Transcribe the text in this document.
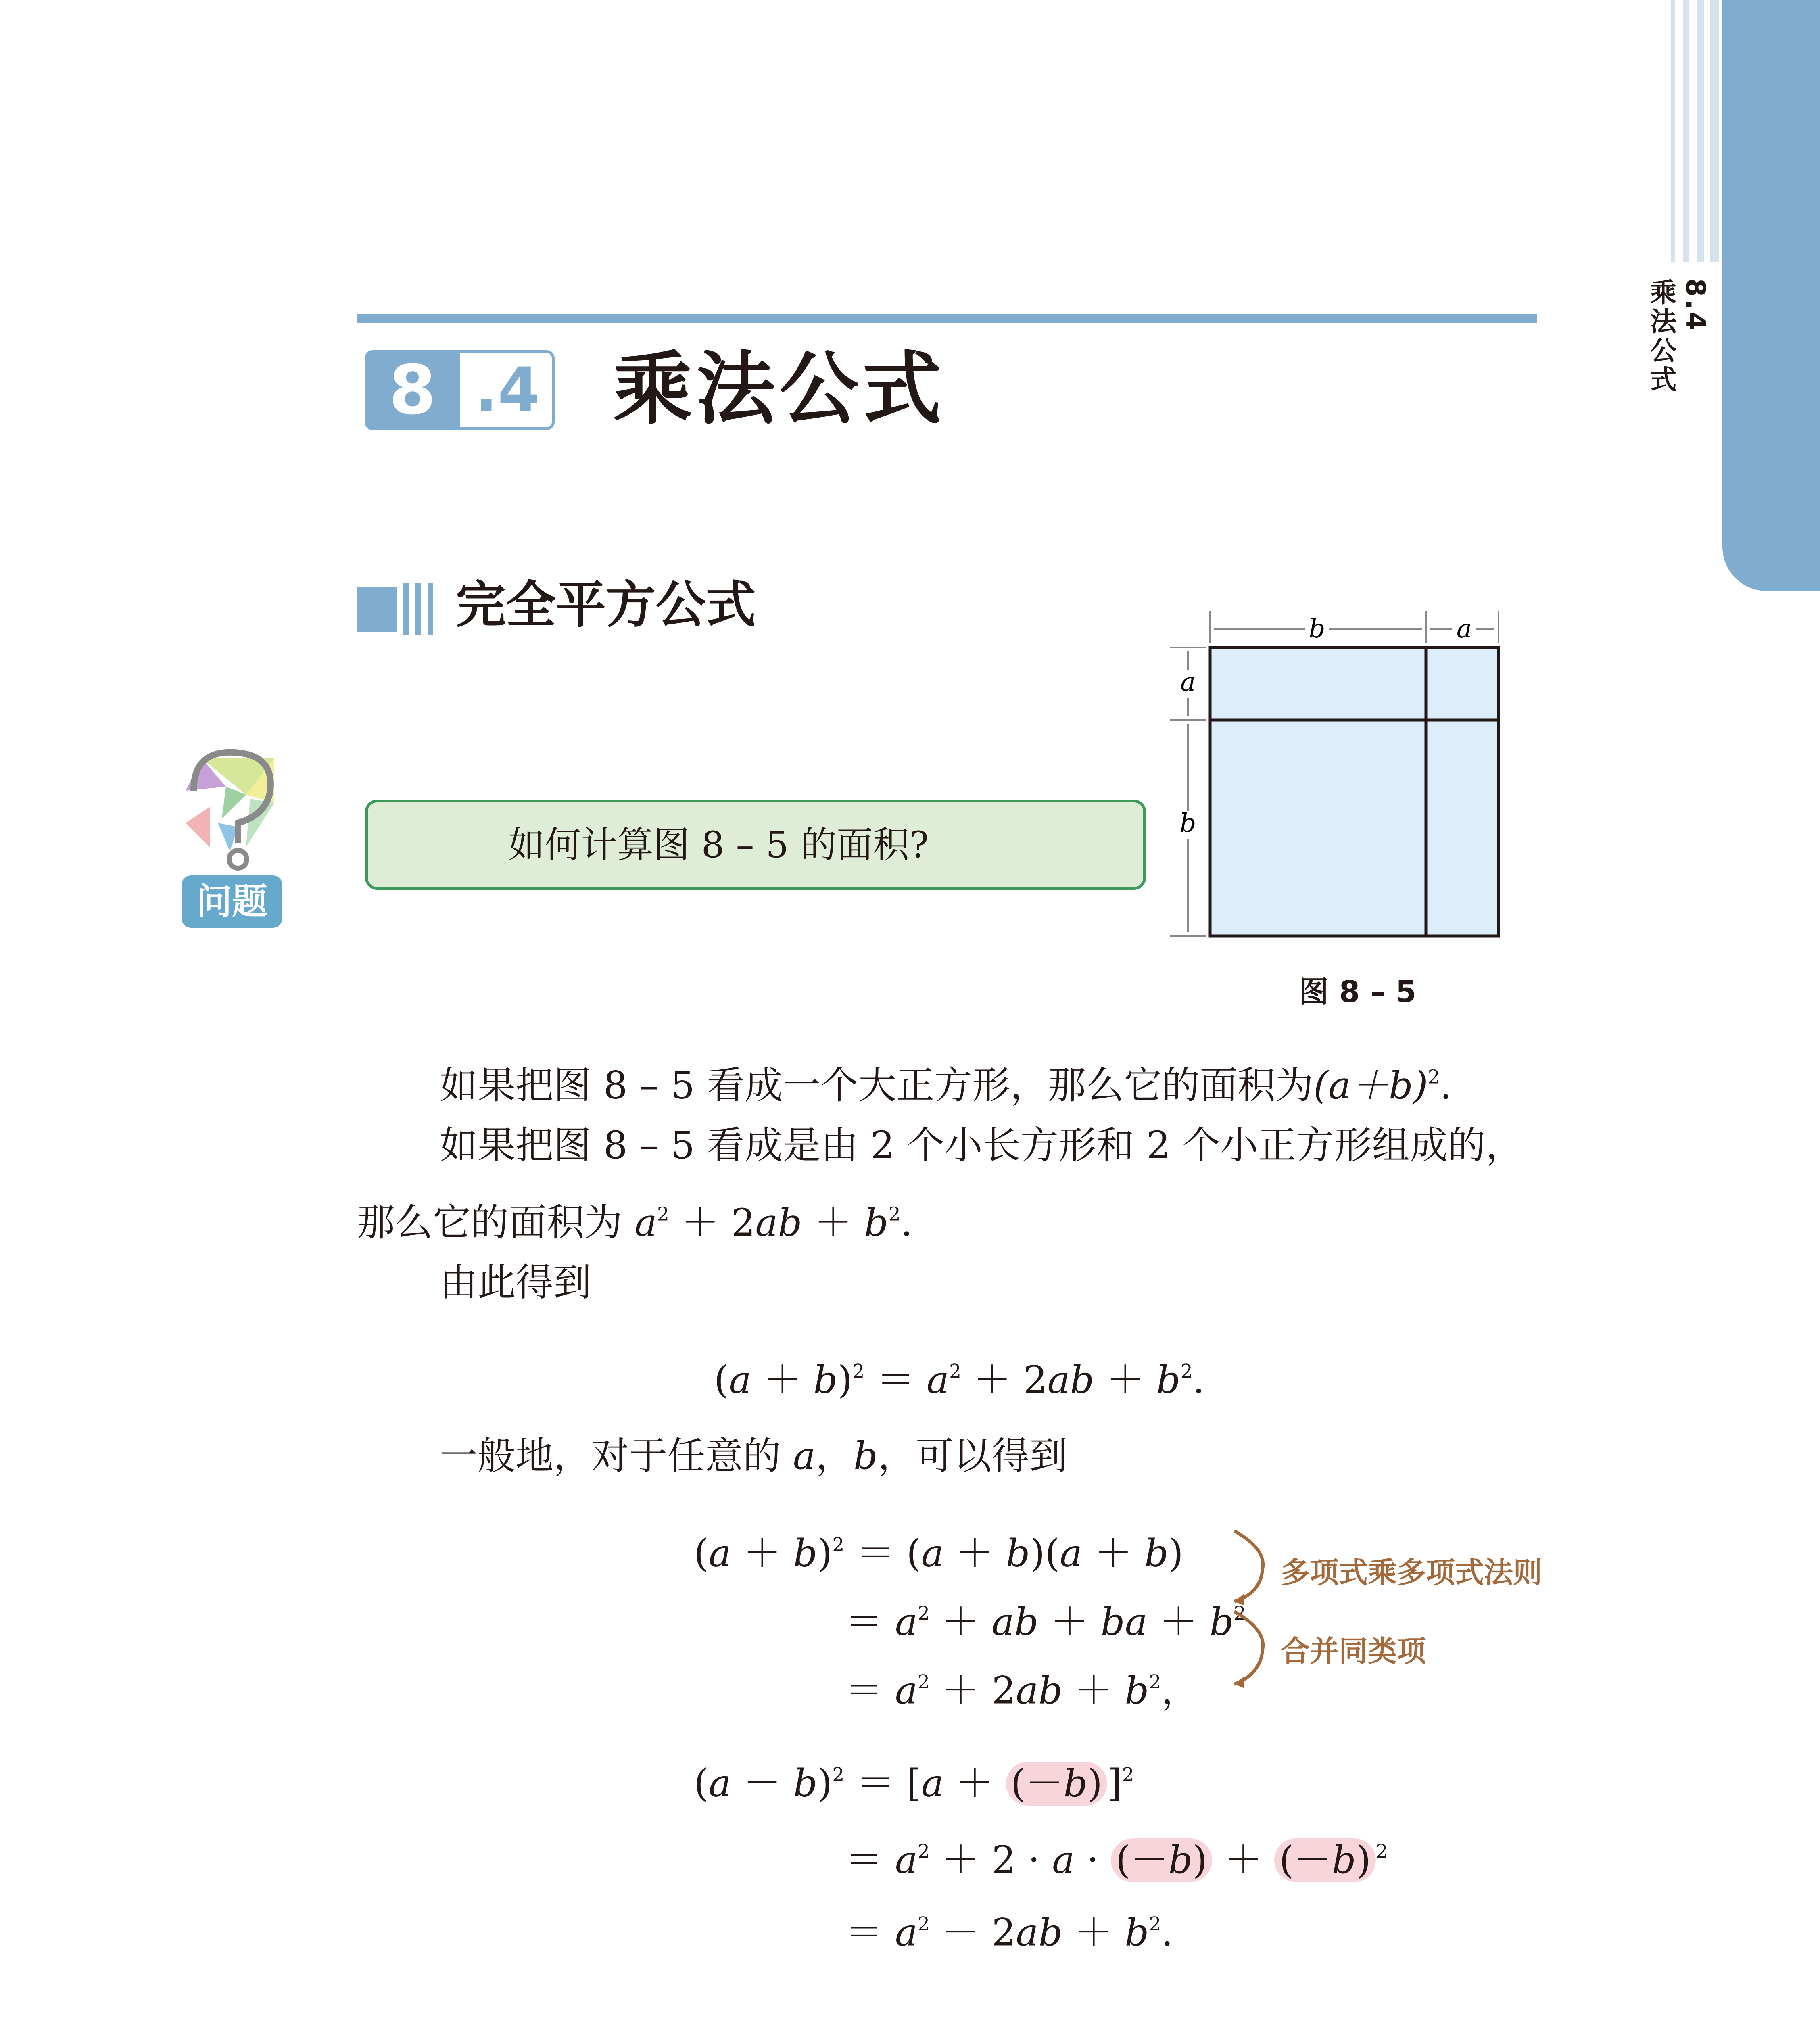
8.4
乘法公式
8 .4 乘法公式
完全平方公式
问题
如何计算图 8 – 5 的面积?
b	a
a
b
图 8 – 5
如果把图 8 – 5 看成一个大正方形，那么它的面积为$(a+b)^2$.
如果把图 8 – 5 看成是由 2 个小长方形和 2 个小正方形组成的，
那么它的面积为 $a^2 + 2ab + b^2$.
由此得到
$(a + b)^2 = a^2 + 2ab + b^2$.
一般地，对于任意的 a，b，可以得到
$(a + b)^2 = (a + b)(a + b)$
＝ $a^2$ ＋ ab ＋ ba ＋ $b^2$
＝ $a^2 + 2ab + b^2$，
多项式乘多项式法则
合并同类项
$(a - b)^2 = [a + (-b)$ ]$^2$
＝ $a^2 + 2 \cdot a \cdot (-b) + (-b)$ $^2$
＝ $a^2 - 2ab + b^2$.
